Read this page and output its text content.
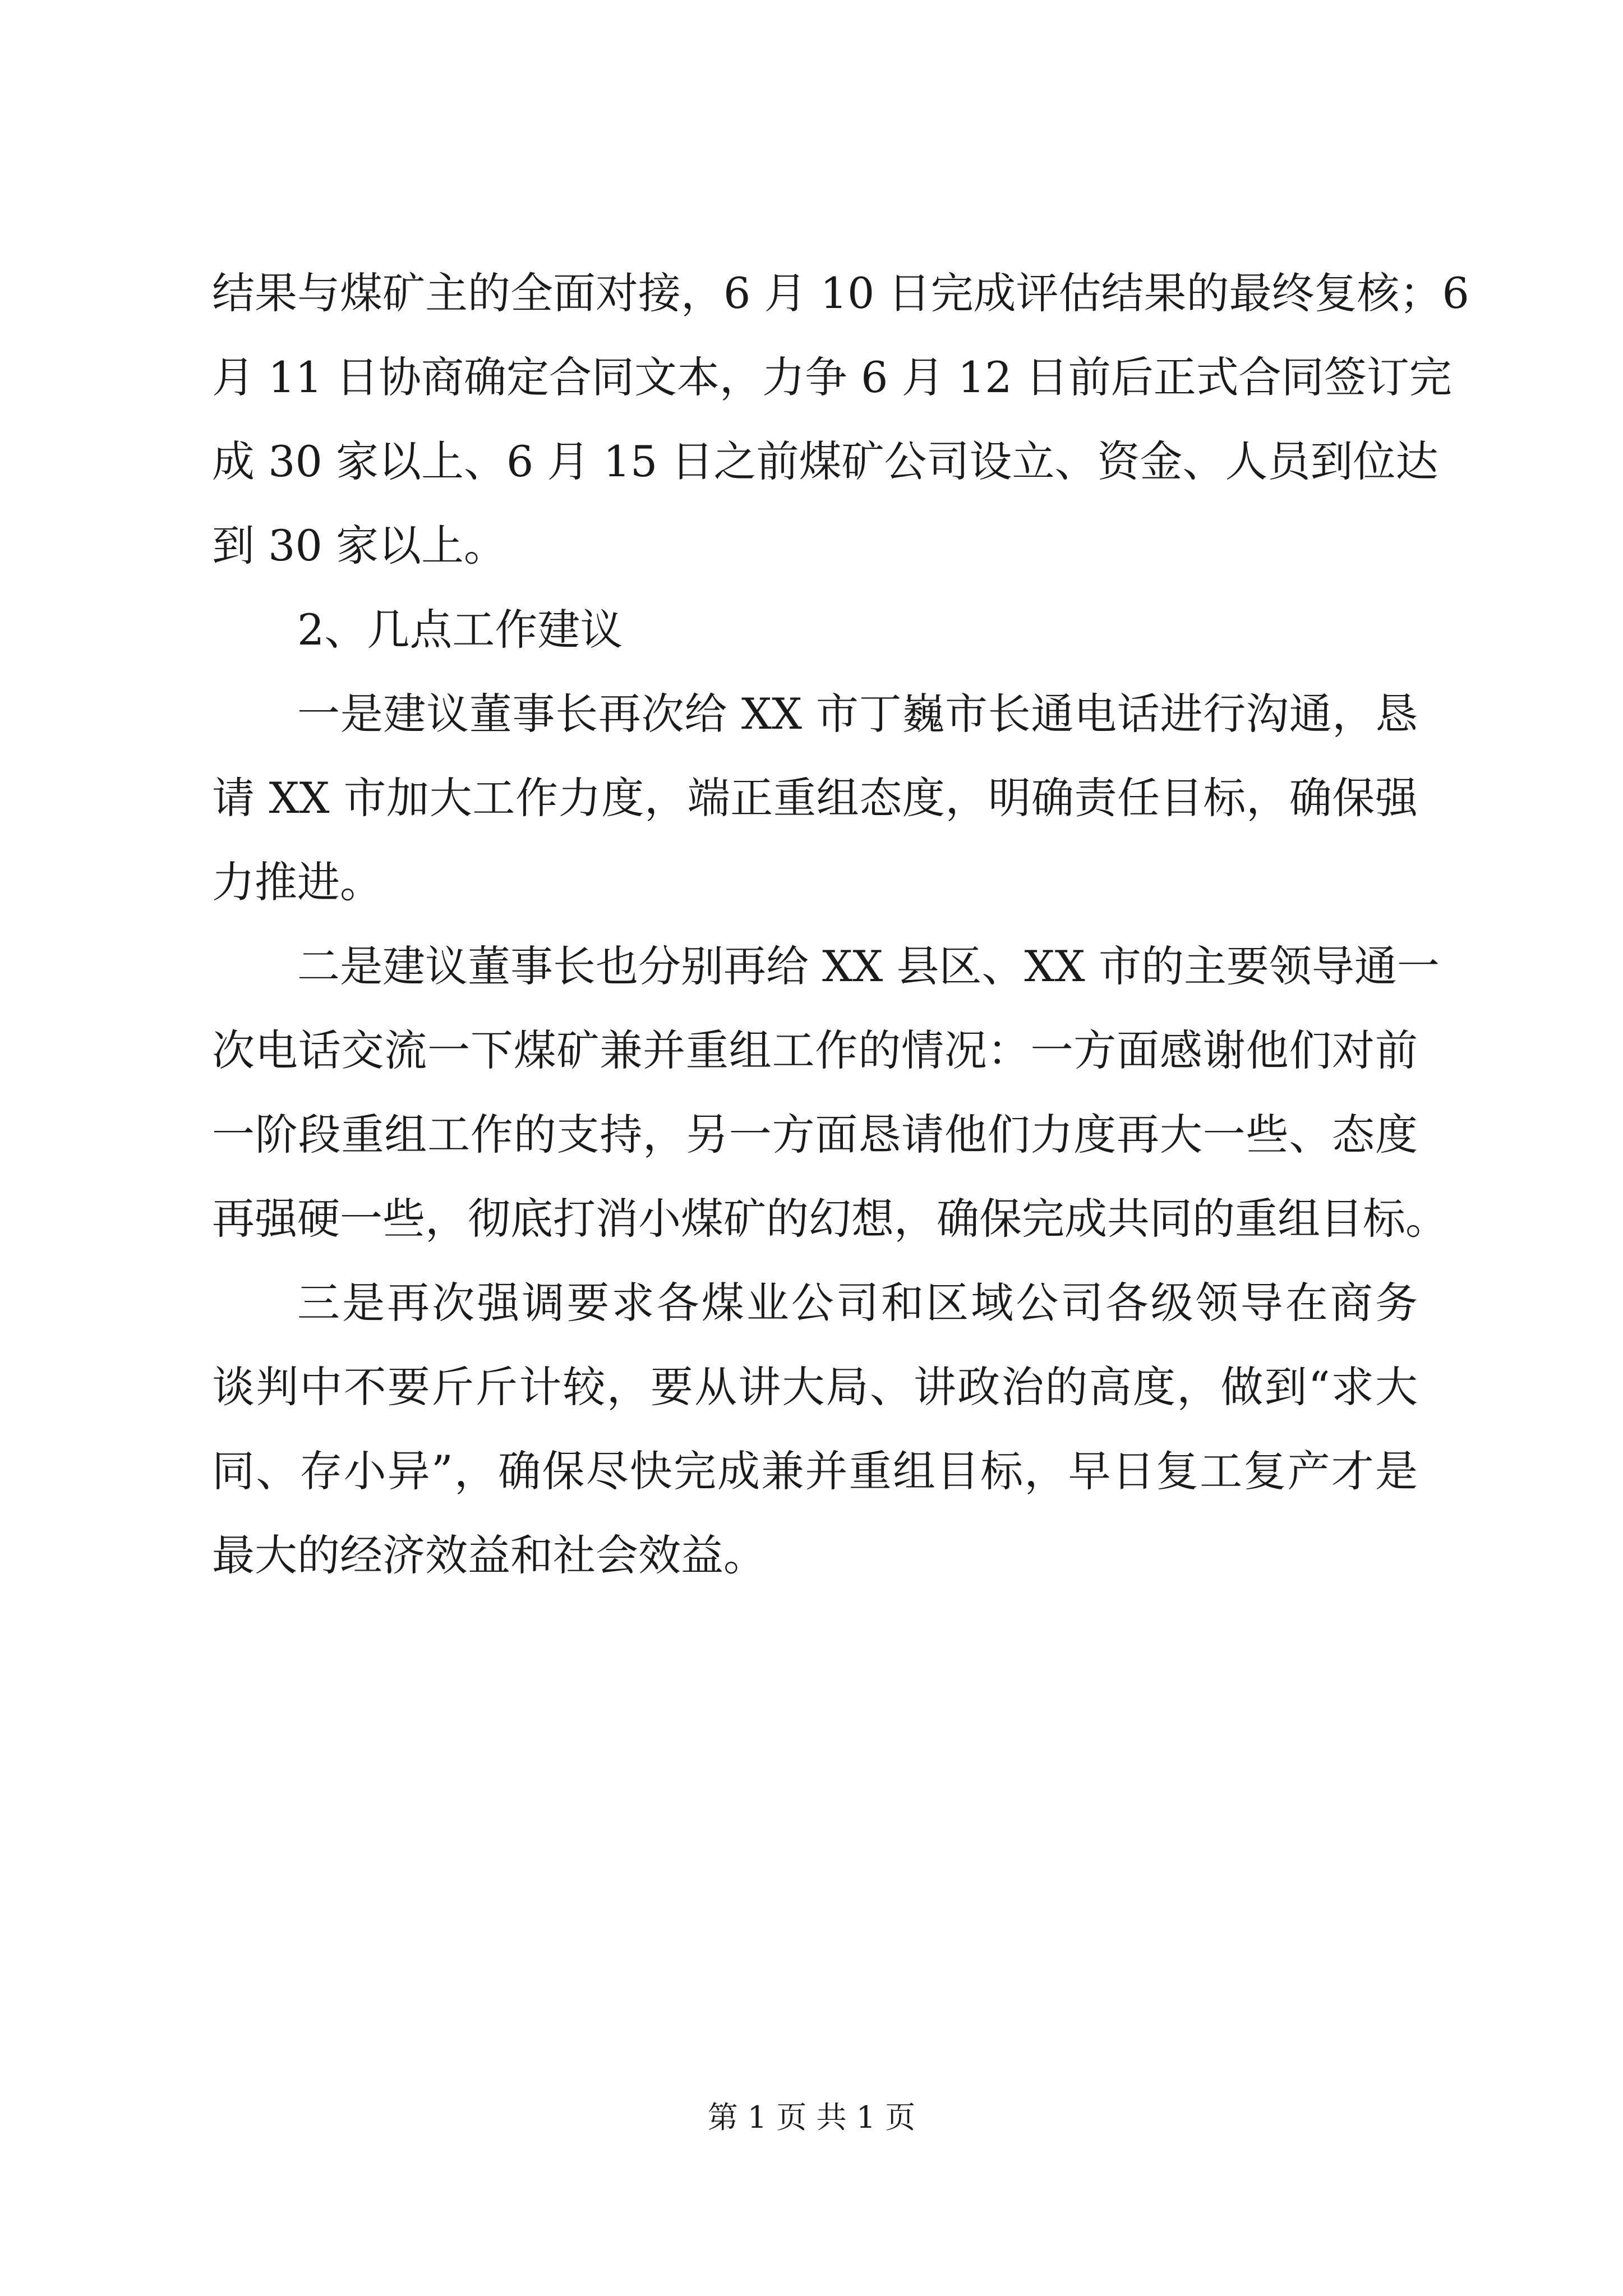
结果与煤矿主的全面对接，6 月 10 日完成评估结果的最终复核；6
月 11 日协商确定合同文本，力争 6 月 12 日前后正式合同签订完
成 30 家以上、6 月 15 日之前煤矿公司设立、资金、人员到位达
到 30 家以上。
2、几点工作建议
一是建议董事长再次给 XX 市丁巍市长通电话进行沟通，恳
请 XX 市加大工作力度，端正重组态度，明确责任目标，确保强
力推进。
二是建议董事长也分别再给 XX 县区、XX 市的主要领导通一
次电话交流一下煤矿兼并重组工作的情况：一方面感谢他们对前
一阶段重组工作的支持，另一方面恳请他们力度再大一些、态度
再强硬一些，彻底打消小煤矿的幻想，确保完成共同的重组目标。
三是再次强调要求各煤业公司和区域公司各级领导在商务
谈判中不要斤斤计较，要从讲大局、讲政治的高度，做到“求大
同、存小异”，确保尽快完成兼并重组目标，早日复工复产才是
最大的经济效益和社会效益。
第 1 页 共 1 页
